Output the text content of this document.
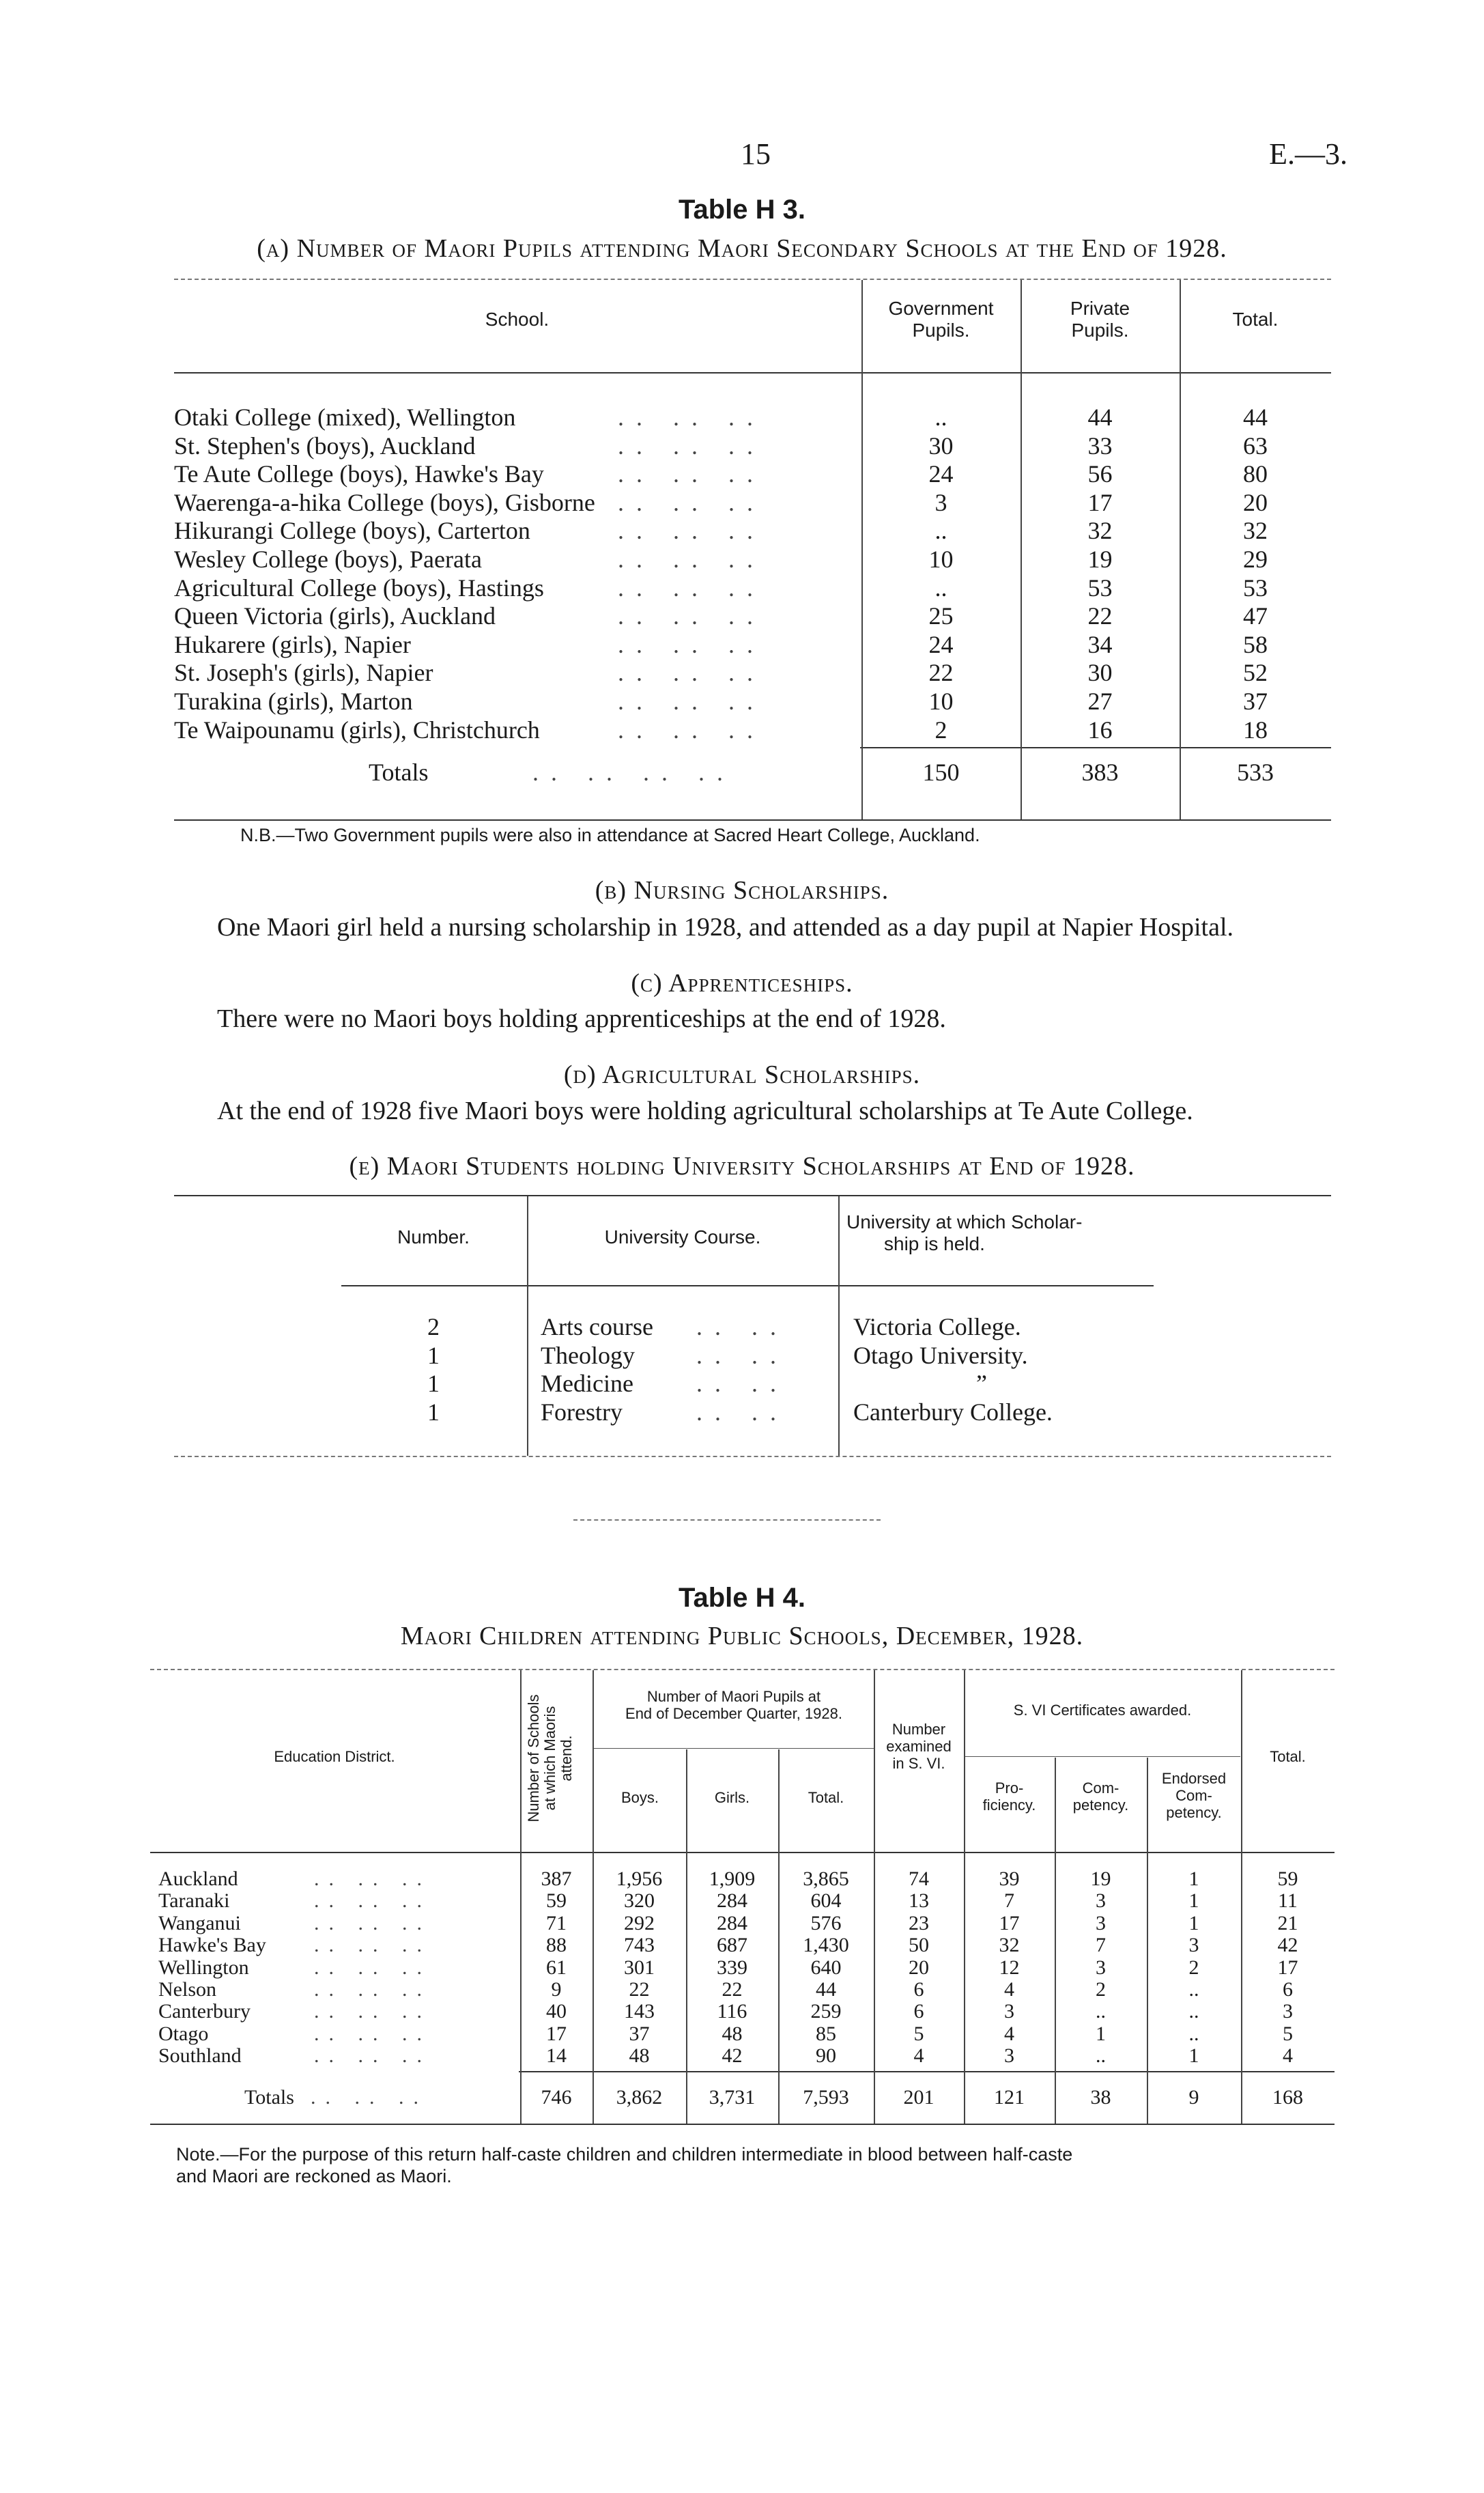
15	E.—3.
Table H 3.
(a) Number of Maori Pupils attending Maori Secondary Schools at the End of 1928.
School.
Government
Pupils.
Private
Pupils.
Total.
Otaki College (mixed), Wellington	.. .. ..	..	44	44
St. Stephen's (boys), Auckland	.. .. ..	30	33	63
Te Aute College (boys), Hawke's Bay	.. .. ..	24	56	80
Waerenga-a-hika College (boys), Gisborne .. .. ..	3	17	20
Hikurangi College (boys), Carterton	.. .. ..	..	32	32
Wesley College (boys), Paerata	.. .. ..	10	19	29
Agricultural College (boys), Hastings	.. .. ..	..	53	53
Queen Victoria (girls), Auckland	.. .. ..	25	22	47
Hukarere (girls), Napier	.. .. ..	24	34	58
St. Joseph's (girls), Napier	.. .. ..	22	30	52
Turakina (girls), Marton	.. .. ..	10	27	37
Te Waipounamu (girls), Christchurch	.. .. ..	2	16	18
Totals	.. .. .. ..	150	383	533
N.B.—Two Government pupils were also in attendance at Sacred Heart College, Auckland.
(b) Nursing Scholarships.
One Maori girl held a nursing scholarship in 1928, and attended as a day pupil at Napier Hospital.
(c) Apprenticeships.
There were no Maori boys holding apprenticeships at the end of 1928.
(d) Agricultural Scholarships.
At the end of 1928 five Maori boys were holding agricultural scholarships at Te Aute College.
(e) Maori Students holding University Scholarships at End of 1928.
Number.	University Course.
University at which Scholar-
ship is held.
2	Arts course .. ..	Victoria College.
1	Theology	.. ..	Otago University.
1	Medicine	.. ..	”
1	Forestry	.. ..	Canterbury College.
Table H 4.
Maori Children attending Public Schools, December, 1928.
Education District.	Number of Schools at which Maoris attend.
Number of Maori Pupils at
End of December Quarter, 1928.
Boys.	Girls.	Total.
Number
examined
in S. VI.
S. VI Certificates awarded.
Pro-
ficiency.
Com-
petency.
Endorsed
Com-
petency.
Total.
Auckland	.. .. ..	387	1,956	1,909	3,865	74	39	19	1	59
Taranaki	.. .. ..	59	320	284	604	13	7	3	1	11
Wanganui	.. .. ..	71	292	284	576	23	17	3	1	21
Hawke's Bay .. .. ..	88	743	687	1,430	50	32	7	3	42
Wellington	.. .. ..	61	301	339	640	20	12	3	2	17
Nelson	.. .. ..	9	22	22	44	6	4	2	..	6
Canterbury	.. .. ..	40	143	116	259	6	3	..	..	3
Otago	.. .. ..	17	37	48	85	5	4	1	..	5
Southland	.. .. ..	14	48	42	90	4	3	..	1	4
Totals .. .. ..	746	3,862	3,731	7,593	201	121	38	9	168
Note.—For the purpose of this return half-caste children and children intermediate in blood between half-caste
and Maori are reckoned as Maori.
